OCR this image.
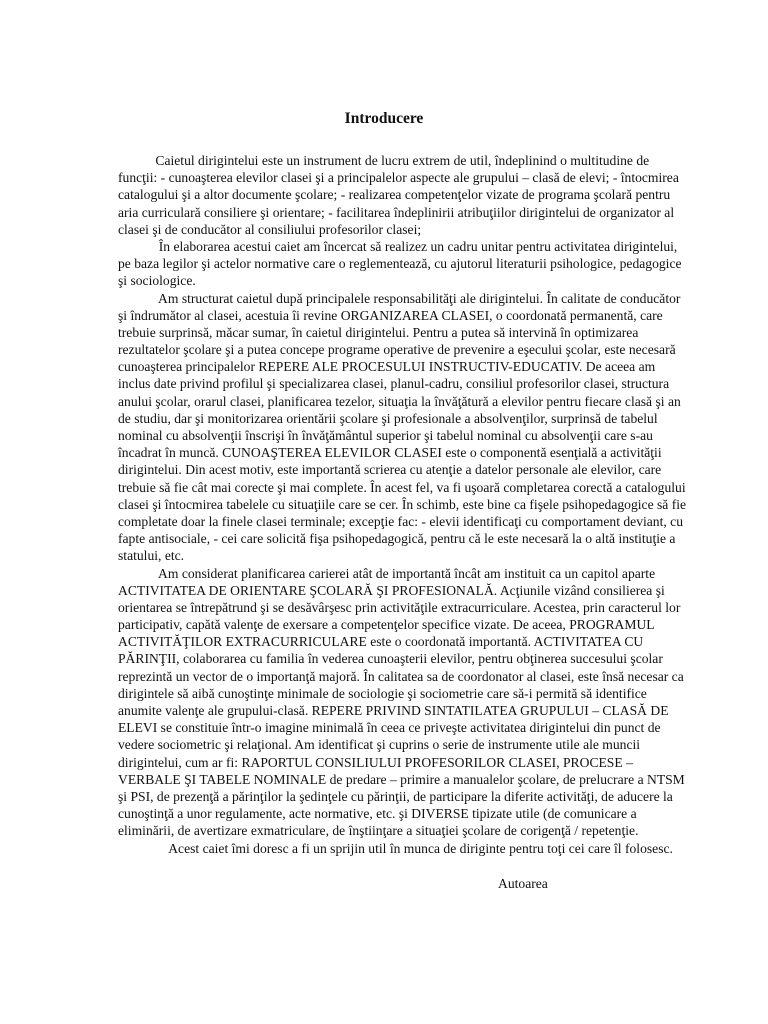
Introducere
Caietul dirigintelui este un instrument de lucru extrem de util, îndeplinind o multitudine de
funcţii: - cunoaşterea elevilor clasei şi a principalelor aspecte ale grupului – clasă de elevi; - întocmirea
catalogului şi a altor documente şcolare; - realizarea competenţelor vizate de programa şcolară pentru
aria curriculară consiliere şi orientare; - facilitarea îndeplinirii atribuţiilor dirigintelui de organizator al
clasei şi de conducător al consiliului profesorilor clasei;
În elaborarea acestui caiet am încercat să realizez un cadru unitar pentru activitatea dirigintelui,
pe baza legilor şi actelor normative care o reglementează, cu ajutorul literaturii psihologice, pedagogice
şi sociologice.
Am structurat caietul după principalele responsabilităţi ale dirigintelui. În calitate de conducător
şi îndrumător al clasei, acestuia îi revine ORGANIZAREA CLASEI, o coordonată permanentă, care
trebuie surprinsă, măcar sumar, în caietul dirigintelui. Pentru a putea să intervină în optimizarea
rezultatelor şcolare şi a putea concepe programe operative de prevenire a eşecului şcolar, este necesară
cunoaşterea principalelor REPERE ALE PROCESULUI INSTRUCTIV-EDUCATIV. De aceea am
inclus date privind profilul şi specializarea clasei, planul-cadru, consiliul profesorilor clasei, structura
anului şcolar, orarul clasei, planificarea tezelor, situaţia la învăţătură a elevilor pentru fiecare clasă şi an
de studiu, dar şi monitorizarea orientării şcolare şi profesionale a absolvenţilor, surprinsă de tabelul
nominal cu absolvenţii înscrişi în învăţământul superior şi tabelul nominal cu absolvenţii care s-au
încadrat în muncă. CUNOAŞTEREA ELEVILOR CLASEI este o componentă esenţială a activităţii
dirigintelui. Din acest motiv, este importantă scrierea cu atenţie a datelor personale ale elevilor, care
trebuie să fie cât mai corecte şi mai complete. În acest fel, va fi uşoară completarea corectă a catalogului
clasei şi întocmirea tabelele cu situaţiile care se cer. În schimb, este bine ca fişele psihopedagogice să fie
completate doar la finele clasei terminale; excepţie fac: - elevii identificaţi cu comportament deviant, cu
fapte antisociale, - cei care solicită fişa psihopedagogică, pentru că le este necesară la o altă instituţie a
statului, etc.
Am considerat planificarea carierei atât de importantă încât am instituit ca un capitol aparte
ACTIVITATEA DE ORIENTARE ŞCOLARĂ ŞI PROFESIONALĂ. Acţiunile vizând consilierea şi
orientarea se întrepătrund şi se desăvârşesc prin activităţile extracurriculare. Acestea, prin caracterul lor
participativ, capătă valenţe de exersare a competenţelor specifice vizate. De aceea, PROGRAMUL
ACTIVITĂŢILOR EXTRACURRICULARE este o coordonată importantă. ACTIVITATEA CU
PĂRINŢII, colaborarea cu familia în vederea cunoaşterii elevilor, pentru obţinerea succesului şcolar
reprezintă un vector de o importanţă majoră. În calitatea sa de coordonator al clasei, este însă necesar ca
dirigintele să aibă cunoştinţe minimale de sociologie şi sociometrie care să-i permită să identifice
anumite valenţe ale grupului-clasă. REPERE PRIVIND SINTATILATEA GRUPULUI – CLASĂ DE
ELEVI se constituie într-o imagine minimală în ceea ce priveşte activitatea dirigintelui din punct de
vedere sociometric şi relaţional. Am identificat şi cuprins o serie de instrumente utile ale muncii
dirigintelui, cum ar fi: RAPORTUL CONSILIULUI PROFESORILOR CLASEI, PROCESE –
VERBALE ŞI TABELE NOMINALE de predare – primire a manualelor şcolare, de prelucrare a NTSM
şi PSI, de prezenţă a părinţilor la şedinţele cu părinţii, de participare la diferite activităţi, de aducere la
cunoştinţă a unor regulamente, acte normative, etc. şi DIVERSE tipizate utile (de comunicare a
eliminării, de avertizare exmatriculare, de înştiinţare a situaţiei şcolare de corigenţă / repetenţie.
Acest caiet îmi doresc a fi un sprijin util în munca de diriginte pentru toţi cei care îl folosesc.
Autoarea
